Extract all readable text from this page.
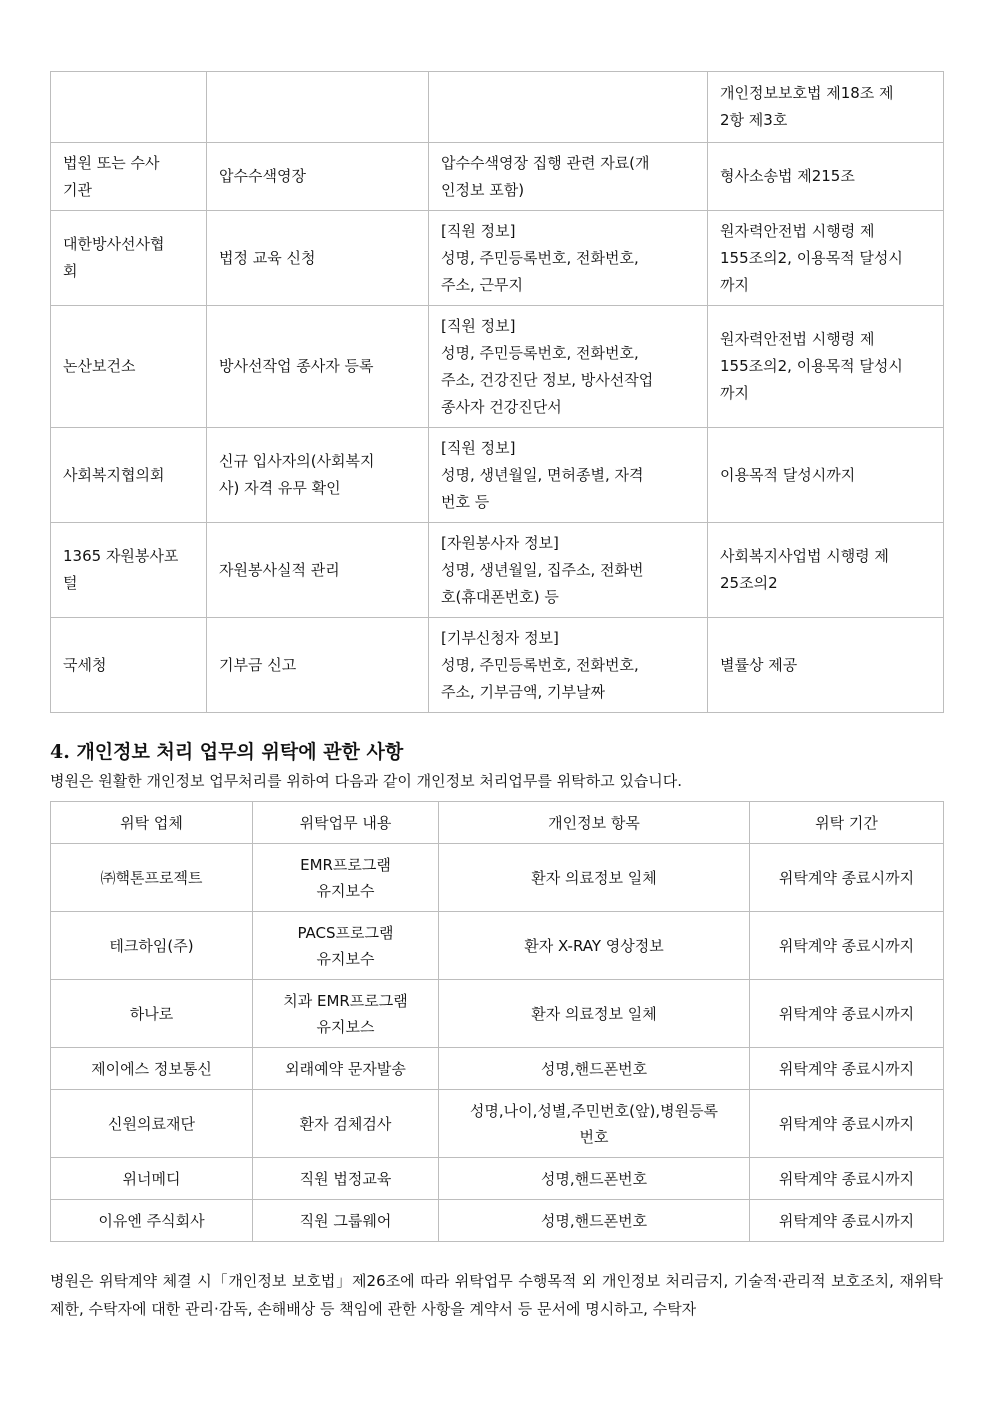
			개인정보보호법 제18조 제
2항 제3호
법원 또는 수사
기관	압수수색영장	압수수색영장 집행 관련 자료(개
인정보 포함)	형사소송법 제215조
대한방사선사협
회	법정 교육 신청	[직원 정보]
성명, 주민등록번호, 전화번호,
주소, 근무지	원자력안전법 시행령 제
155조의2, 이용목적 달성시
까지
논산보건소	방사선작업 종사자 등록	[직원 정보]
성명, 주민등록번호, 전화번호,
주소, 건강진단 정보, 방사선작업
종사자 건강진단서	원자력안전법 시행령 제
155조의2, 이용목적 달성시
까지
사회복지협의회	신규 입사자의(사회복지
사) 자격 유무 확인	[직원 정보]
성명, 생년월일, 면허종별, 자격
번호 등	이용목적 달성시까지
1365 자원봉사포
털	자원봉사실적 관리	[자원봉사자 정보]
성명, 생년월일, 집주소, 전화번
호(휴대폰번호) 등	사회복지사업법 시행령 제
25조의2
국세청	기부금 신고	[기부신청자 정보]
성명, 주민등록번호, 전화번호,
주소, 기부금액, 기부날짜	별률상 제공
4. 개인정보 처리 업무의 위탁에 관한 사항

병원은 원활한 개인정보 업무처리를 위하여 다음과 같이 개인정보 처리업무를 위탁하고 있습니다.

위탁 업체	위탁업무 내용	개인정보 항목	위탁 기간
㈜핵톤프로젝트	EMR프로그램
유지보수	환자 의료정보 일체	위탁계약 종료시까지
테크하임(주)	PACS프로그램
유지보수	환자 X-RAY 영상정보	위탁계약 종료시까지
하나로	치과 EMR프로그램
유지보스	환자 의료정보 일체	위탁계약 종료시까지
제이에스 정보통신	외래예약 문자발송	성명,핸드폰번호	위탁계약 종료시까지
신원의료재단	환자 검체검사	성명,나이,성별,주민번호(앞),병원등록
번호	위탁계약 종료시까지
위너메디	직원 법정교육	성명,핸드폰번호	위탁계약 종료시까지
이유엔 주식회사	직원 그룹웨어	성명,핸드폰번호	위탁계약 종료시까지

병원은 위탁계약 체결 시「개인정보 보호법」제26조에 따라 위탁업무 수행목적 외 개인정보 처리금지, 기술적·관리적 보호조치, 재위탁 제한, 수탁자에 대한 관리·감독, 손해배상 등 책임에 관한 사항을 계약서 등 문서에 명시하고, 수탁자
